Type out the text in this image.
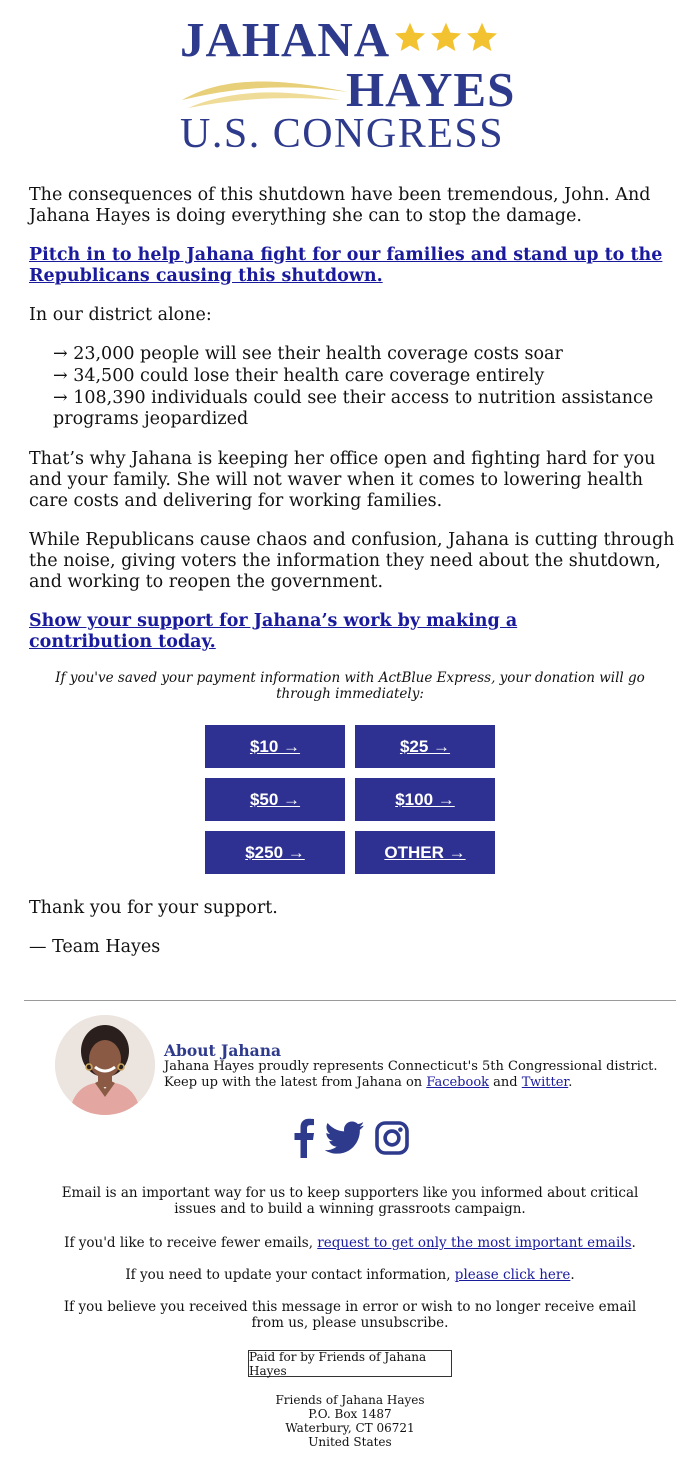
JAHANA
HAYES
U.S. CONGRESS
The consequences of this shutdown have been tremendous, John. And Jahana Hayes is doing everything she can to stop the damage.
Pitch in to help Jahana fight for our families and stand up to the Republicans causing this shutdown.
In our district alone:
→ 23,000 people will see their health coverage costs soar
→ 34,500 could lose their health care coverage entirely
→ 108,390 individuals could see their access to nutrition assistance programs jeopardized
That’s why Jahana is keeping her office open and fighting hard for you and your family. She will not waver when it comes to lowering health care costs and delivering for working families.
While Republicans cause chaos and confusion, Jahana is cutting through the noise, giving voters the information they need about the shutdown, and working to reopen the government.
Show your support for Jahana’s work by making a contribution today.
If you've saved your payment information with ActBlue Express, your donation will go through immediately:
$10 →	$25 →
$50 →	$100 →
$250 →	OTHER →
Thank you for your support.
— Team Hayes
About Jahana
Jahana Hayes proudly represents Connecticut's 5th Congressional district.
Keep up with the latest from Jahana on Facebook and Twitter.
Email is an important way for us to keep supporters like you informed about critical issues and to build a winning grassroots campaign.
If you'd like to receive fewer emails, request to get only the most important emails.
If you need to update your contact information, please click here.
If you believe you received this message in error or wish to no longer receive email from us, please unsubscribe.
Paid for by Friends of Jahana Hayes
Friends of Jahana Hayes
P.O. Box 1487
Waterbury, CT 06721
United States
